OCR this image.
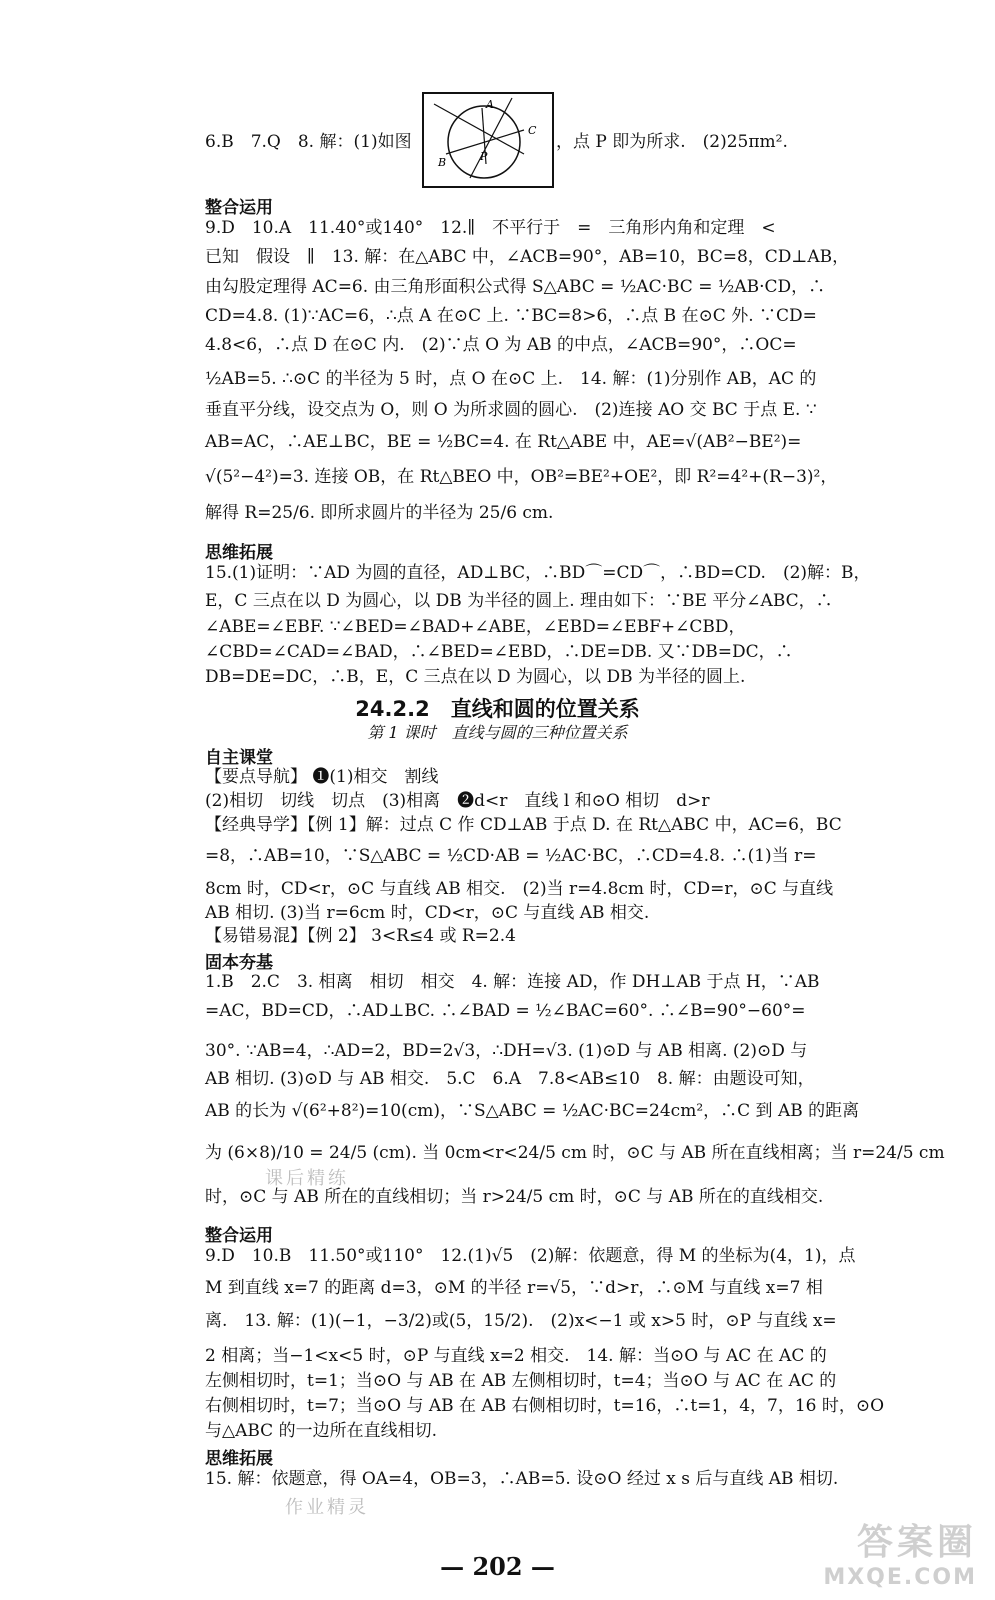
6.B　7.Q　8. 解：(1)如图
A
B
C
P
，点 P 即为所求.　(2)25πm².
整合运用
9.D　10.A　11.40°或140°　12.∥　不平行于　=　三角形内角和定理　<
已知　假设　∥　13. 解：在△ABC 中，∠ACB=90°，AB=10，BC=8，CD⊥AB，
由勾股定理得 AC=6. 由三角形面积公式得 S△ABC = ½AC·BC = ½AB·CD，∴
CD=4.8. (1)∵AC=6，∴点 A 在⊙C 上. ∵BC=8>6，∴点 B 在⊙C 外. ∵CD=
4.8<6，∴点 D 在⊙C 内.　(2)∵点 O 为 AB 的中点，∠ACB=90°，∴OC=
½AB=5. ∴⊙C 的半径为 5 时，点 O 在⊙C 上.　14. 解：(1)分别作 AB，AC 的
垂直平分线，设交点为 O，则 O 为所求圆的圆心.　(2)连接 AO 交 BC 于点 E. ∵
AB=AC，∴AE⊥BC，BE = ½BC=4. 在 Rt△ABE 中，AE=√(AB²−BE²)=
√(5²−4²)=3. 连接 OB，在 Rt△BEO 中，OB²=BE²+OE²，即 R²=4²+(R−3)²，
解得 R=25/6. 即所求圆片的半径为 25/6 cm.
思维拓展
15.(1)证明：∵AD 为圆的直径，AD⊥BC，∴BD⌒=CD⌒，∴BD=CD.　(2)解：B，
E，C 三点在以 D 为圆心，以 DB 为半径的圆上. 理由如下：∵BE 平分∠ABC，∴
∠ABE=∠EBF. ∵∠BED=∠BAD+∠ABE，∠EBD=∠EBF+∠CBD，
∠CBD=∠CAD=∠BAD，∴∠BED=∠EBD，∴DE=DB. 又∵DB=DC，∴
DB=DE=DC，∴B，E，C 三点在以 D 为圆心，以 DB 为半径的圆上.
24.2.2　直线和圆的位置关系
第 1 课时　直线与圆的三种位置关系
自主课堂
【要点导航】 ❶(1)相交　割线
(2)相切　切线　切点　(3)相离　❷d<r　直线 l 和⊙O 相切　d>r
【经典导学】【例 1】解：过点 C 作 CD⊥AB 于点 D. 在 Rt△ABC 中，AC=6，BC
=8，∴AB=10，∵S△ABC = ½CD·AB = ½AC·BC，∴CD=4.8. ∴(1)当 r=
8cm 时，CD<r，⊙C 与直线 AB 相交.　(2)当 r=4.8cm 时，CD=r，⊙C 与直线
AB 相切. (3)当 r=6cm 时，CD<r，⊙C 与直线 AB 相交.
【易错易混】【例 2】 3<R≤4 或 R=2.4
固本夯基
1.B　2.C　3. 相离　相切　相交　4. 解：连接 AD，作 DH⊥AB 于点 H，∵AB
=AC，BD=CD，∴AD⊥BC. ∴∠BAD = ½∠BAC=60°. ∴∠B=90°−60°=
30°. ∵AB=4，∴AD=2，BD=2√3，∴DH=√3. (1)⊙D 与 AB 相离. (2)⊙D 与
AB 相切. (3)⊙D 与 AB 相交.　5.C　6.A　7.8<AB≤10　8. 解：由题设可知，
AB 的长为 √(6²+8²)=10(cm)，∵S△ABC = ½AC·BC=24cm²，∴C 到 AB 的距离
为 (6×8)/10 = 24/5 (cm). 当 0cm<r<24/5 cm 时，⊙C 与 AB 所在直线相离；当 r=24/5 cm
时，⊙C 与 AB 所在的直线相切；当 r>24/5 cm 时，⊙C 与 AB 所在的直线相交.
整合运用
9.D　10.B　11.50°或110°　12.(1)√5　(2)解：依题意，得 M 的坐标为(4，1)，点
M 到直线 x=7 的距离 d=3，⊙M 的半径 r=√5，∵d>r，∴⊙M 与直线 x=7 相
离.　13. 解：(1)(−1，−3/2)或(5，15/2).　(2)x<−1 或 x>5 时，⊙P 与直线 x=
2 相离；当−1<x<5 时，⊙P 与直线 x=2 相交.　14. 解：当⊙O 与 AC 在 AC 的
左侧相切时，t=1；当⊙O 与 AB 在 AB 左侧相切时，t=4；当⊙O 与 AC 在 AC 的
右侧相切时，t=7；当⊙O 与 AB 在 AB 右侧相切时，t=16，∴t=1，4，7，16 时，⊙O
与△ABC 的一边所在直线相切.
思维拓展
15. 解：依题意，得 OA=4，OB=3，∴AB=5. 设⊙O 经过 x s 后与直线 AB 相切.
课后精练
作业精灵
— 202 —
答案圈
MXQE.COM
